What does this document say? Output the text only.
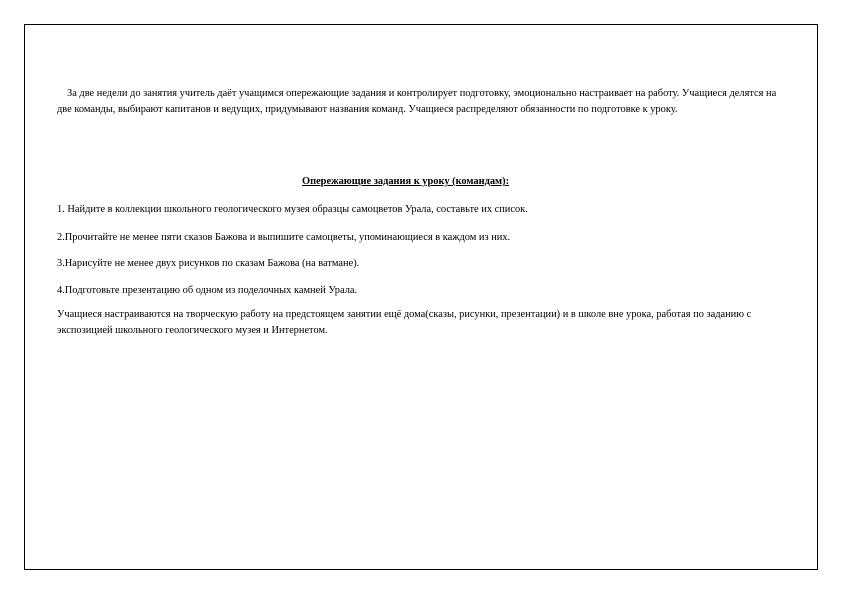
За две недели до занятия учитель даёт учащимся опережающие задания и контролирует подготовку, эмоционально настраивает на работу. Учащиеся делятся на две команды, выбирают капитанов и ведущих, придумывают названия команд. Учащиеся распределяют обязанности по подготовке к уроку.

Опережающие задания к уроку (командам):

1. Найдите в коллекции школьного геологического музея образцы самоцветов Урала, составьте их список.

2.Прочитайте не менее пяти сказов Бажова и выпишите самоцветы, упоминающиеся в каждом из них.

3.Нарисуйте не менее двух рисунков по сказам Бажова (на ватмане).

4.Подготовьте презентацию об одном из поделочных камней Урала.

Учащиеся настраиваются на творческую работу на предстоящем занятии ещё дома(сказы, рисунки, презентации) и в школе вне урока, работая по заданию с экспозицией школьного геологического музея и Интернетом.
